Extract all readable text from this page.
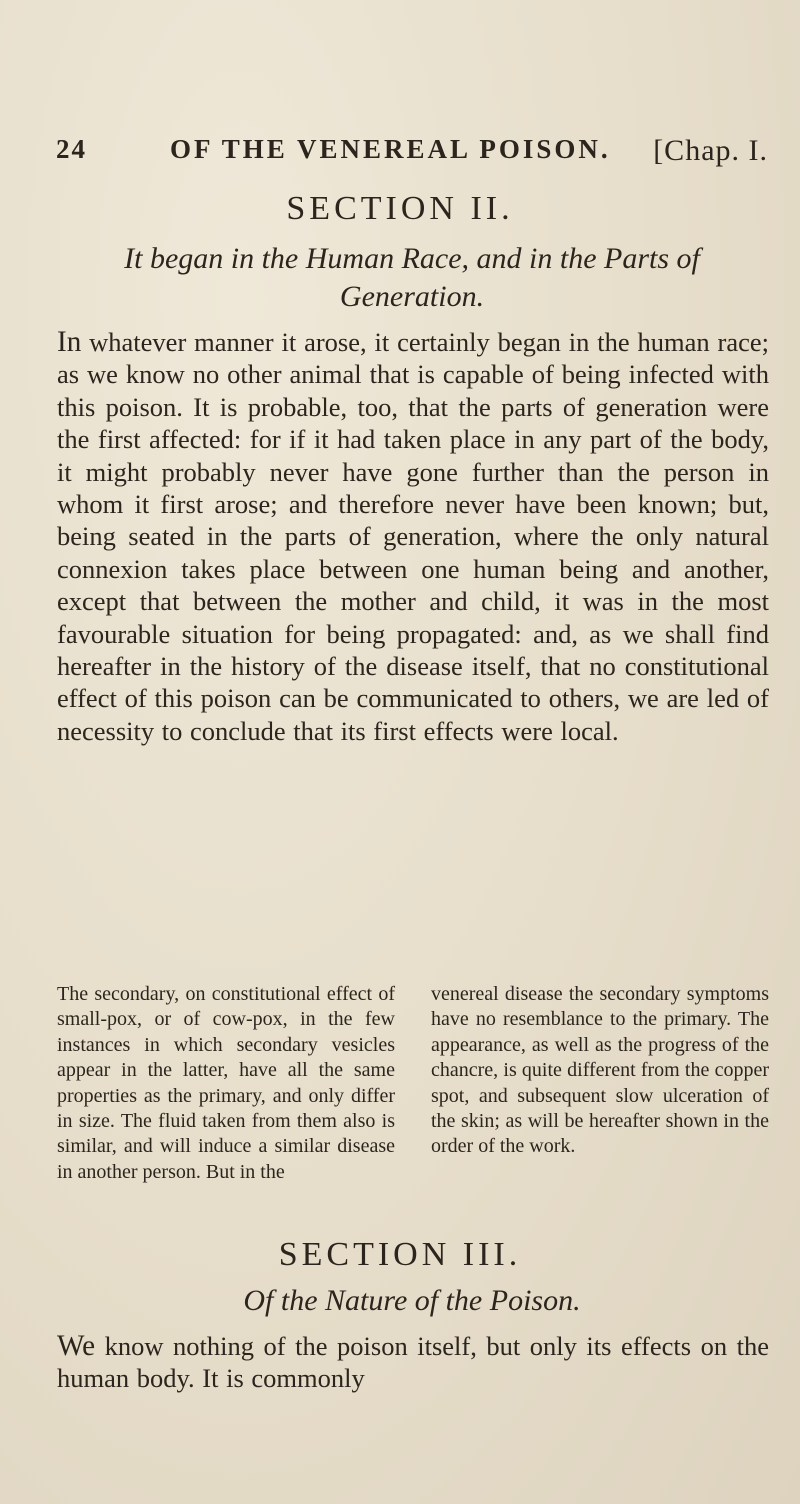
24	OF THE VENEREAL POISON. [Chap. I.
SECTION II.
It began in the Human Race, and in the Parts of
Generation.
In whatever manner it arose, it certainly began in the human race; as we know no other animal that is capable of being infected with this poison. It is probable, too, that the parts of generation were the first affected: for if it had taken place in any part of the body, it might probably never have gone further than the person in whom it first arose; and therefore never have been known; but, being seated in the parts of generation, where the only natural connexion takes place between one human being and another, except that between the mother and child, it was in the most favourable situation for being propagated: and, as we shall find hereafter in the history of the disease itself, that no constitutional effect of this poison can be communicated to others, we are led of necessity to conclude that its first effects were local.
The secondary, on constitutional effect of small-pox, or of cow-pox, in the few instances in which secondary vesicles appear in the latter, have all the same properties as the primary, and only differ in size. The fluid taken from them also is similar, and will induce a similar disease in another person. But in the
venereal disease the secondary symptoms have no resemblance to the primary. The appearance, as well as the progress of the chancre, is quite different from the copper spot, and subsequent slow ulceration of the skin; as will be hereafter shown in the order of the work.
SECTION III.
Of the Nature of the Poison.
We know nothing of the poison itself, but only its effects on the human body. It is commonly
